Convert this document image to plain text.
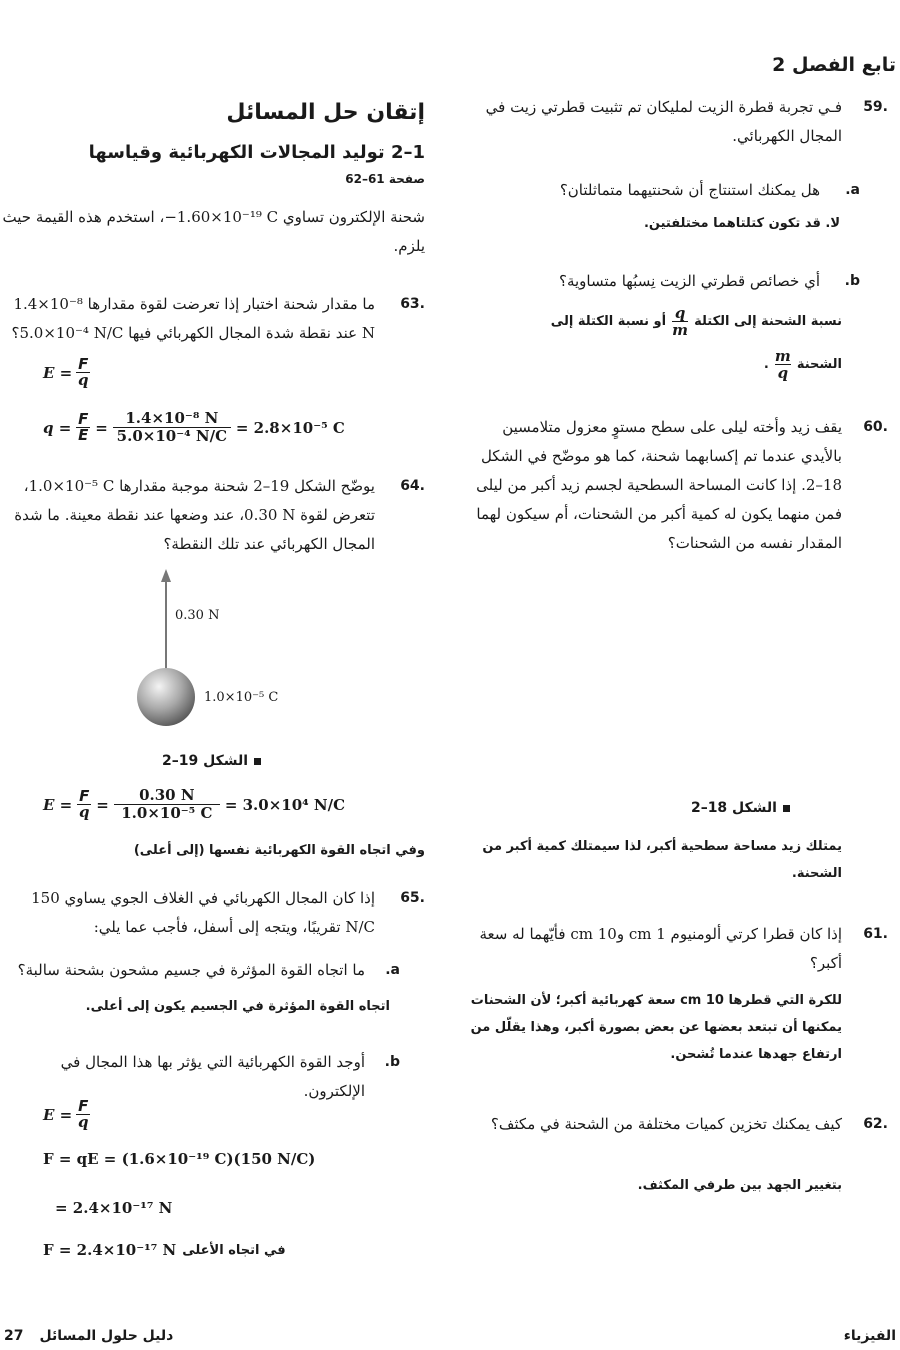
تابع الفصل 2
.59
فـي تجربة قطرة الزيت لمليكان تم تثبيت قطرتي زيت في المجال الكهربائي.
a.
هل يمكنك استنتاج أن شحنتيهما متماثلتان؟
لا. قد تكون كتلتاهما مختلفتين.
b.
أي خصائص قطرتي الزيت نِسبُها متساوية؟
نسبة الشحنة إلى الكتلة
q
m
أو نسبة الكتلة إلى
الشحنة
m
q
.
.60
يقف زيد وأخته ليلى على سطح مستوٍ معزول متلامسين بالأيدي عندما تم إكسابهما شحنة، كما هو موضّح في الشكل 18–2. إذا كانت المساحة السطحية لجسم زيد أكبر من ليلى فمن منهما يكون له كمية أكبر من الشحنات، أم سيكون لهما المقدار نفسه من الشحنات؟
الشكل 18–2
يمتلك زيد مساحة سطحية أكبر، لذا سيمتلك كمية أكبر من الشحنة.
.61
إذا كان قطرا كرتي ألومنيوم 1 cm و10 cm فأيّهما له سعة أكبر؟
للكرة التي قطرها 10 cm سعة كهربائية أكبر؛ لأن الشحنات يمكنها أن تبتعد بعضها عن بعض بصورة أكبر، وهذا يقلّل من ارتفاع جهدها عندما تُشحن.
.62
كيف يمكنك تخزين كميات مختلفة من الشحنة في مكثف؟
بتغيير الجهد بين طرفي المكثف.
إتقان حل المسائل
1–2 توليد المجالات الكهربائية وقياسها
صفحة 61–62
شحنة الإلكترون تساوي ‎−1.60×10⁻¹⁹ C‎، استخدم هذه القيمة حيث يلزم.
.63
ما مقدار شحنة اختبار إذا تعرضت لقوة مقدارها ‎1.4×10⁻⁸ N‎ عند نقطة شدة المجال الكهربائي فيها ‎5.0×10⁻⁴ N/C‎؟
E = F
q
q = F
E =
1.4×10⁻⁸ N
5.0×10⁻⁴ N/C = 2.8×10⁻⁵ C
.64
يوضّح الشكل 19–2 شحنة موجبة مقدارها ‎1.0×10⁻⁵ C‎، تتعرض لقوة ‎0.30 N‎، عند وضعها عند نقطة معينة. ما شدة المجال الكهربائي عند تلك النقطة؟
0.30 N
1.0×10⁻⁵ C
الشكل 19–2
E = F
q =
0.30 N
1.0×10⁻⁵ C = 3.0×10⁴ N/C
وفي اتجاه القوة الكهربائية نفسها (إلى أعلى)
.65
إذا كان المجال الكهربائي في الغلاف الجوي يساوي 150 N/C تقريبًا، ويتجه إلى أسفل، فأجب عما يلي:
a.
ما اتجاه القوة المؤثرة في جسيم مشحون بشحنة سالبة؟
اتجاه القوة المؤثرة في الجسيم يكون إلى أعلى.
b.
أوجد القوة الكهربائية التي يؤثر بها هذا المجال في الإلكترون.
E = F
q
F = qE = (1.6×10⁻¹⁹ C)(150 N/C)
= 2.4×10⁻¹⁷ N
F = 2.4×10⁻¹⁷ N في اتجاه الأعلى
27 دليل حلول المسائل	الفيزياء
